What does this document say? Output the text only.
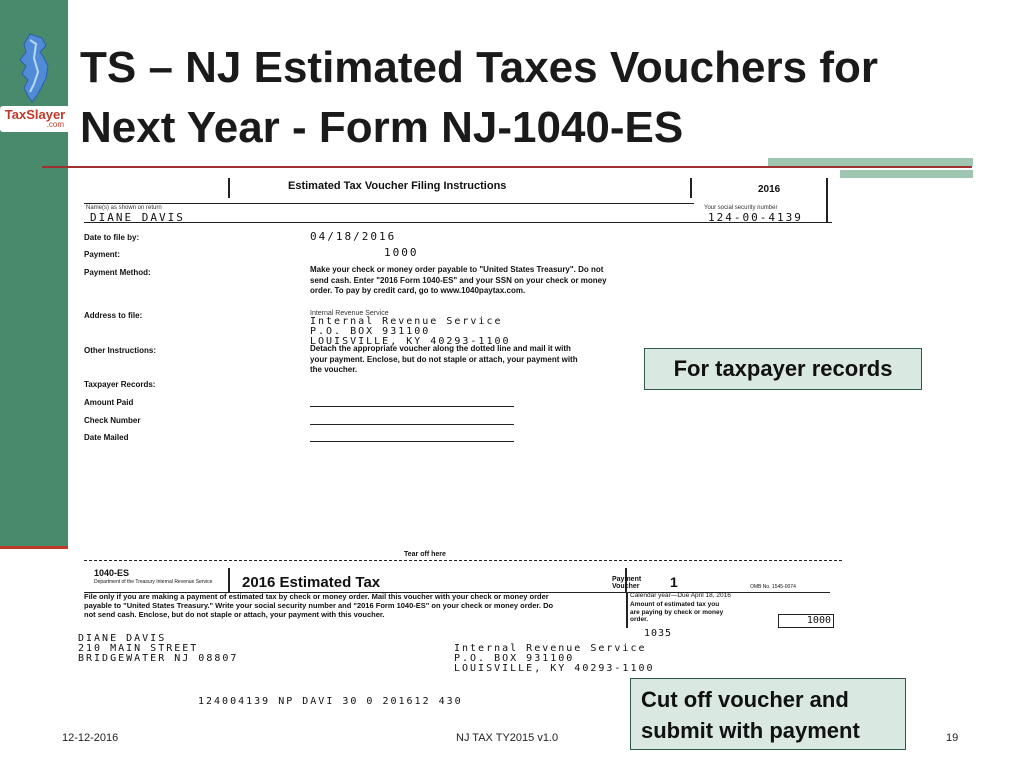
TaxSlayer
.com
TS – NJ Estimated Taxes Vouchers for
Next Year - Form NJ-1040-ES
Estimated Tax Voucher Filing Instructions	2016
Name(s) as shown on return	Your social security number
DIANE DAVIS	124-00-4139
Date to file by:	04/18/2016
Payment:	1000
Payment Method:	Make your check or money order payable to "United States Treasury". Do not send cash. Enter "2016 Form 1040-ES" and your SSN on your check or money order. To pay by credit card, go to www.1040paytax.com.
Address to file:	Internal Revenue Service
Internal Revenue Service
P.O. BOX 931100
LOUISVILLE, KY 40293-1100
Other Instructions:	Detach the appropriate voucher along the dotted line and mail it with your payment. Enclose, but do not staple or attach, your payment with the voucher.
Taxpayer Records:
Amount Paid
Check Number
Date Mailed
Tear off here
1040-ES
Department of the Treasury Internal Revenue Service 2016 Estimated Tax	Payment Voucher	1	OMB No. 1545-0074
File only if you are making a payment of estimated tax by check or money order. Mail this voucher with your check or money order payable to "United States Treasury." Write your social security number and "2016 Form 1040-ES" on your check or money order. Do not send cash. Enclose, but do not staple or attach, your payment with this voucher.
Calendar year—Due April 18, 2016
Amount of estimated tax you are paying by check or money order.	1000
1035
DIANE DAVIS
210 MAIN STREET
BRIDGEWATER NJ 08807
Internal Revenue Service
P.O. BOX 931100
LOUISVILLE, KY 40293-1100
124004139 NP DAVI 30 0 201612 430
For taxpayer records
Cut off voucher and
submit with payment
12-12-2016	NJ TAX TY2015 v1.0	19
